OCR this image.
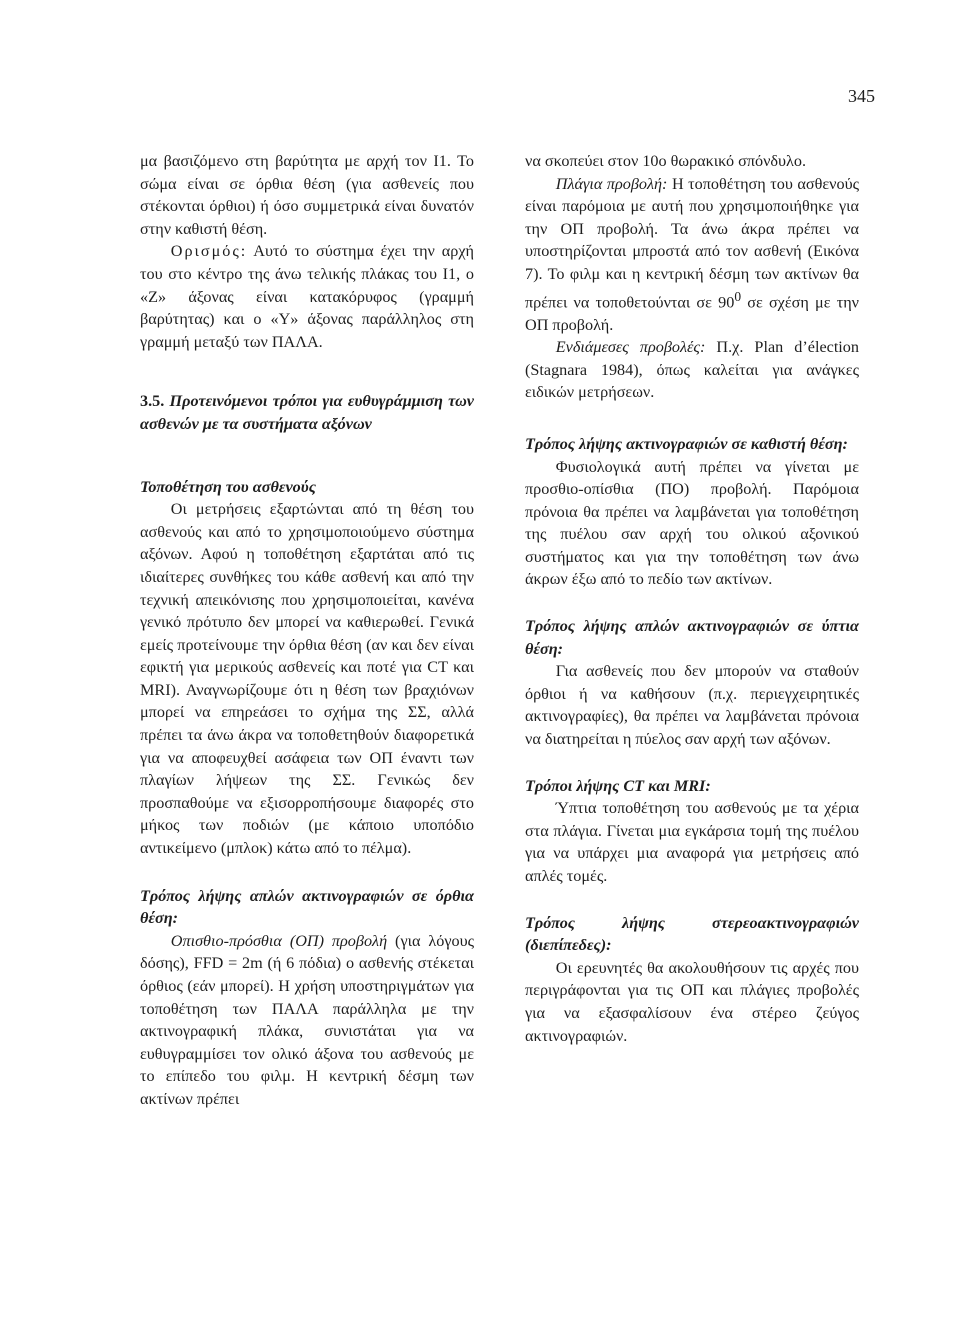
345

μα βασιζόμενο στη βαρύτητα με αρχή τον Ι1. Το σώμα είναι σε όρθια θέση (για ασθενείς που στέκονται όρθιοι) ή όσο συμμετρικά είναι δυνατόν στην καθιστή θέση.

Ορισμός: Αυτό το σύστημα έχει την αρχή του στο κέντρο της άνω τελικής πλάκας του Ι1, ο «Ζ» άξονας είναι κατακόρυφος (γραμμή βαρύτητας) και ο «Υ» άξονας παράλληλος στη γραμμή μεταξύ των ΠΑΛΑ.

3.5. Προτεινόμενοι τρόποι για ευθυγράμμιση των ασθενών με τα συστήματα αξόνων

Τοποθέτηση του ασθενούς

Οι μετρήσεις εξαρτώνται από τη θέση του ασθενούς και από το χρησιμοποιούμενο σύστημα αξόνων. Αφού η τοποθέτηση εξαρτάται από τις ιδιαίτερες συνθήκες του κάθε ασθενή και από την τεχνική απεικόνισης που χρησιμοποιείται, κανένα γενικό πρότυπο δεν μπορεί να καθιερωθεί. Γενικά εμείς προτείνουμε την όρθια θέση (αν και δεν είναι εφικτή για μερικούς ασθενείς και ποτέ για CT και MRI). Αναγνωρίζουμε ότι η θέση των βραχιόνων μπορεί να επηρεάσει το σχήμα της ΣΣ, αλλά πρέπει τα άνω άκρα να τοποθετηθούν διαφορετικά για να αποφευχθεί ασάφεια των ΟΠ έναντι των πλαγίων λήψεων της ΣΣ. Γενικώς δεν προσπαθούμε να εξισορροπήσουμε διαφορές στο μήκος των ποδιών (με κάποιο υποπόδιο αντικείμενο (μπλοκ) κάτω από το πέλμα).

Τρόπος λήψης απλών ακτινογραφιών σε όρθια θέση:

Οπισθιο-πρόσθια (ΟΠ) προβολή (για λόγους δόσης), FFD = 2m (ή 6 πόδια) ο ασθενής στέκεται όρθιος (εάν μπορεί). Η χρήση υποστηριγμάτων για τοποθέτηση των ΠΑΛΑ παράλληλα με την ακτινογραφική πλάκα, συνιστάται για να ευθυγραμμίσει τον ολικό άξονα του ασθενούς με το επίπεδο του φιλμ. Η κεντρική δέσμη των ακτίνων πρέπει

να σκοπεύει στον 10ο θωρακικό σπόνδυλο.

Πλάγια προβολή: Η τοποθέτηση του ασθενούς είναι παρόμοια με αυτή που χρησιμοποιήθηκε για την ΟΠ προβολή. Τα άνω άκρα πρέπει να υποστηρίζονται μπροστά από τον ασθενή (Εικόνα 7). Το φιλμ και η κεντρική δέσμη των ακτίνων θα πρέπει να τοποθετούνται σε $90^0$ σε σχέση με την ΟΠ προβολή.

Ενδιάμεσες προβολές: Π.χ. Plan d’élection (Stagnara 1984), όπως καλείται για ανάγκες ειδικών μετρήσεων.

Τρόπος λήψης ακτινογραφιών σε καθιστή θέση:

Φυσιολογικά αυτή πρέπει να γίνεται με προσθιο-οπίσθια (ΠΟ) προβολή. Παρόμοια πρόνοια θα πρέπει να λαμβάνεται για τοποθέτηση της πυέλου σαν αρχή του ολικού αξονικού συστήματος και για την τοποθέτηση των άνω άκρων έξω από το πεδίο των ακτίνων.

Τρόπος λήψης απλών ακτινογραφιών σε ύπτια θέση:

Για ασθενείς που δεν μπορούν να σταθούν όρθιοι ή να καθήσουν (π.χ. περιεγχειρητικές ακτινογραφίες), θα πρέπει να λαμβάνεται πρόνοια να διατηρείται η πύελος σαν αρχή των αξόνων.

Τρόποι λήψης CT και MRI:

Ύπτια τοποθέτηση του ασθενούς με τα χέρια στα πλάγια. Γίνεται μια εγκάρσια τομή της πυέλου για να υπάρχει μια αναφορά για μετρήσεις από απλές τομές.

Τρόπος λήψης στερεοακτινογραφιών (διεπίπεδες):

Οι ερευνητές θα ακολουθήσουν τις αρχές που περιγράφονται για τις ΟΠ και πλάγιες προβολές για να εξασφαλίσουν ένα στέρεο ζεύγος ακτινογραφιών.
